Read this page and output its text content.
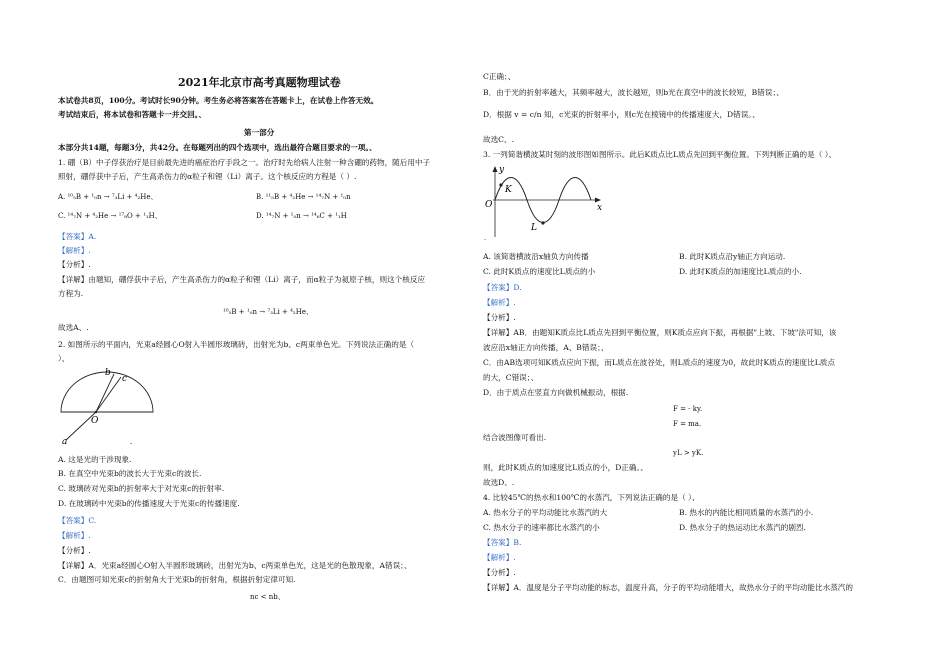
2021年北京市高考真题物理试卷
本试卷共8页，100分。考试时长90分钟。考生务必将答案答在答题卡上，在试卷上作答无效。
考试结束后，将本试卷和答题卡一并交回。、
第一部分
本部分共14题，每题3分，共42分。在每题列出的四个选项中，选出最符合题目要求的一项。、
1. 硼（B）中子俘获治疗是目前最先进的癌症治疗手段之一。治疗时先给病人注射一种含硼的药物，随后用中子
照射，硼俘获中子后，产生高杀伤力的α粒子和锂（Li）离子。这个核反应的方程是（ ）.
A. ¹⁰₅B + ¹₀n → ⁷₃Li + ⁴₂He、	B. ¹¹₅B + ⁴₂He → ¹⁴₇N + ¹₀n
C. ¹⁴₇N + ⁴₂He → ¹⁷₈O + ¹₁H、	D. ¹⁴₇N + ¹₀n → ¹⁴₆C + ¹₁H
【答案】A.
【解析】.
【分析】.
【详解】由题知，硼俘获中子后，产生高杀伤力的α粒子和锂（Li）离子，而α粒子为氦原子核，则这个核反应
方程为.
¹⁰₅B + ¹₀n → ⁷₃Li + ⁴₂He、
故选A、.
2. 如图所示的平面内，光束a经圆心O射入半圆形玻璃砖，出射光为b、c两束单色光。下列说法正确的是（
）、
a
b
c
O
.
A. 这是光的干涉现象.
B. 在真空中光束b的波长大于光束c的波长.
C. 玻璃砖对光束b的折射率大于对光束c的折射率.
D. 在玻璃砖中光束b的传播速度大于光束c的传播速度.
【答案】C.
【解析】.
【分析】.
【详解】A．光束a经圆心O射入半圆形玻璃砖，出射光为b、c两束单色光，这是光的色散现象，A错误；、
C．由题图可知光束c的折射角大于光束b的折射角，根据折射定律可知.
nc < nb、
C正确；、
B．由于光的折射率越大，其频率越大，波长越短，则b光在真空中的波长较短，B错误；、
D．根据 v = c/n 知，c光束的折射率小，则c光在棱镜中的传播速度大，D错误。、
故选C、.
3. 一列简谐横波某时刻的波形图如图所示。此后K质点比L质点先回到平衡位置。下列判断正确的是（ ）、
y
x
O
K
L
、
A. 该简谐横波沿x轴负方向传播	B. 此时K质点沿y轴正方向运动.
C. 此时K质点的速度比L质点的小	D. 此时K质点的加速度比L质点的小.
【答案】D.
【解析】.
【分析】.
【详解】AB．由题知K质点比L质点先回到平衡位置，则K质点应向下振，再根据"上坡、下坡"法可知，该
波应沿x轴正方向传播，A、B错误；、
C．由AB选项可知K质点应向下振，而L质点在波谷处，则L质点的速度为0，故此时K质点的速度比L质点
的大，C错误；、
D．由于质点在竖直方向做机械振动，根据.
F = - ky.
F = ma.
结合波图像可看出.
yL > yK.
则，此时K质点的加速度比L质点的小，D正确。、
故选D、.
4. 比较45℃的热水和100℃的水蒸汽，下列说法正确的是（ ）、
A. 热水分子的平均动能比水蒸汽的大	B. 热水的内能比相同质量的水蒸汽的小.
C. 热水分子的速率都比水蒸汽的小	D. 热水分子的热运动比水蒸汽的剧烈.
【答案】B.
【解析】.
【分析】.
【详解】A．温度是分子平均动能的标志，温度升高，分子的平均动能增大，故热水分子的平均动能比水蒸汽的
